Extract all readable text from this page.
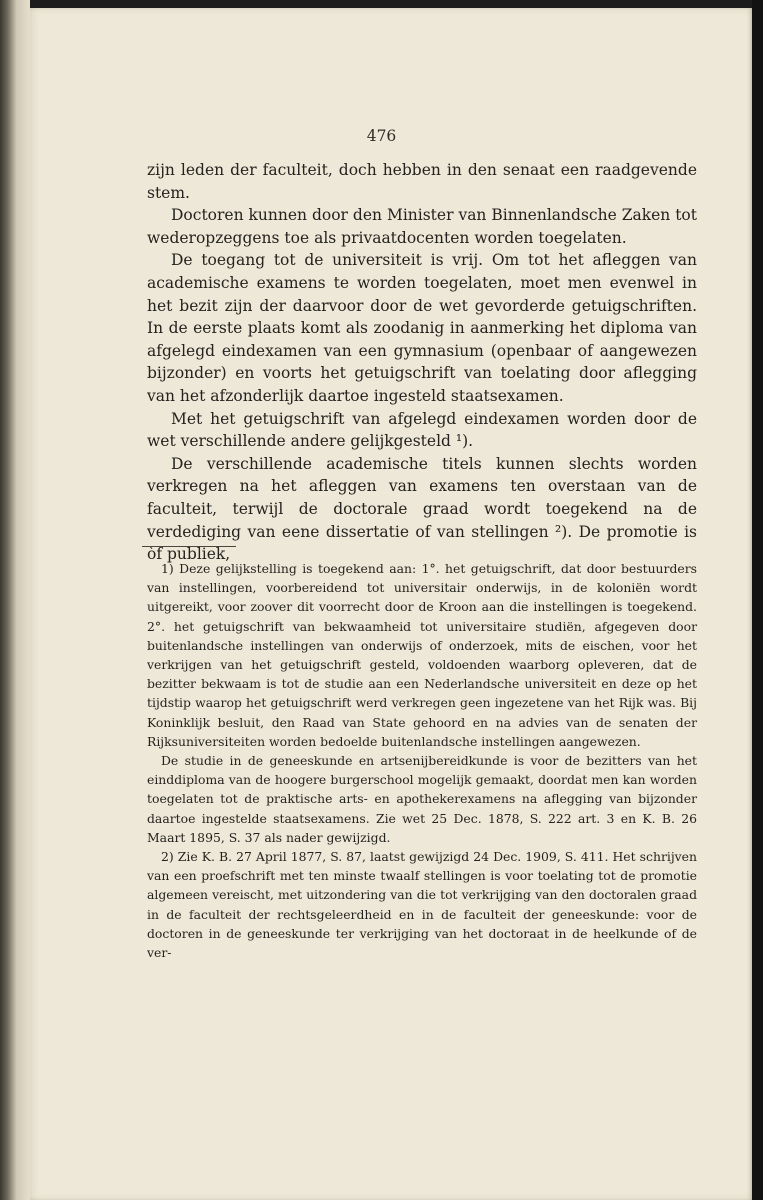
476

zijn leden der faculteit, doch hebben in den senaat een raadgevende stem.

Doctoren kunnen door den Minister van Binnenlandsche Zaken tot wederopzeggens toe als privaatdocenten worden toegelaten.

De toegang tot de universiteit is vrij. Om tot het afleggen van academische examens te worden toegelaten, moet men evenwel in het bezit zijn der daarvoor door de wet gevorderde getuigschriften. In de eerste plaats komt als zoodanig in aanmerking het diploma van afgelegd eindexamen van een gymnasium (openbaar of aangewezen bijzonder) en voorts het getuigschrift van toelating door aflegging van het afzonderlijk daartoe ingesteld staatsexamen.

Met het getuigschrift van afgelegd eindexamen worden door de wet verschillende andere gelijkgesteld ¹).

De verschillende academische titels kunnen slechts worden verkregen na het afleggen van examens ten overstaan van de faculteit, terwijl de doctorale graad wordt toegekend na de verdediging van eene dissertatie of van stellingen ²). De promotie is òf publiek,

1) Deze gelijkstelling is toegekend aan: 1°. het getuigschrift, dat door bestuurders van instellingen, voorbereidend tot universitair onderwijs, in de koloniën wordt uitgereikt, voor zoover dit voorrecht door de Kroon aan die instellingen is toegekend. 2°. het getuigschrift van bekwaamheid tot universitaire studiën, afgegeven door buitenlandsche instellingen van onderwijs of onderzoek, mits de eischen, voor het verkrijgen van het getuigschrift gesteld, voldoenden waarborg opleveren, dat de bezitter bekwaam is tot de studie aan een Nederlandsche universiteit en deze op het tijdstip waarop het getuigschrift werd verkregen geen ingezetene van het Rijk was. Bij Koninklijk besluit, den Raad van State gehoord en na advies van de senaten der Rijksuniversiteiten worden bedoelde buitenlandsche instellingen aangewezen.

De studie in de geneeskunde en artsenijbereidkunde is voor de bezitters van het einddiploma van de hoogere burgerschool mogelijk gemaakt, doordat men kan worden toegelaten tot de praktische arts- en apothekerexamens na aflegging van bijzonder daartoe ingestelde staatsexamens. Zie wet 25 Dec. 1878, S. 222 art. 3 en K. B. 26 Maart 1895, S. 37 als nader gewijzigd.

2) Zie K. B. 27 April 1877, S. 87, laatst gewijzigd 24 Dec. 1909, S. 411. Het schrijven van een proefschrift met ten minste twaalf stellingen is voor toelating tot de promotie algemeen vereischt, met uitzondering van die tot verkrijging van den doctoralen graad in de faculteit der rechtsgeleerdheid en in de faculteit der geneeskunde: voor de doctoren in de geneeskunde ter verkrijging van het doctoraat in de heelkunde of de ver-
